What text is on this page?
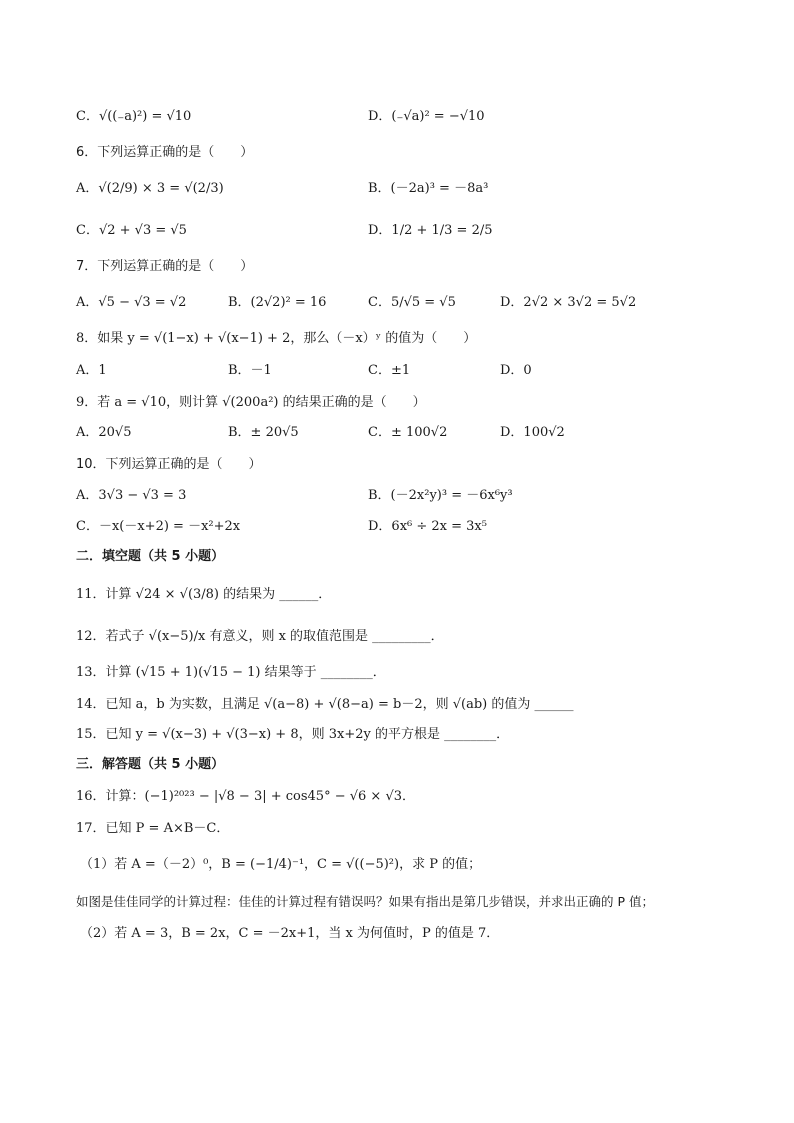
C．√((₋a)²) = √10	D．(₋√a)² = −√10
6．下列运算正确的是（　　）
A．√(2/9) × 3 = √(2/3)	B．(－2a)³ = －8a³
C．√2 + √3 = √5	D．1/2 + 1/3 = 2/5
7．下列运算正确的是（　　）
A．√5 − √3 = √2	B．(2√2)² = 16	C．5/√5 = √5	D．2√2 × 3√2 = 5√2
8．如果 y = √(1−x) + √(x−1) + 2，那么（－x）ʸ 的值为（　　）
A．1	B．－1	C．±1	D．0
9．若 a = √10，则计算 √(200a²) 的结果正确的是（　　）
A．20√5	B．± 20√5	C．± 100√2	D．100√2
10．下列运算正确的是（　　）
A．3√3 − √3 = 3	B．(－2x²y)³ = －6x⁶y³
C．－x(－x+2) = －x²+2x	D．6x⁶ ÷ 2x = 3x⁵
二．填空题（共 5 小题）
11．计算 √24 × √(3/8) 的结果为 ______．
12．若式子 √(x−5)/x 有意义，则 x 的取值范围是 _________．
13．计算 (√15 + 1)(√15 − 1) 结果等于 ________．
14．已知 a，b 为实数，且满足 √(a−8) + √(8−a) = b－2，则 √(ab) 的值为 ______
15．已知 y = √(x−3) + √(3−x) + 8，则 3x+2y 的平方根是 ________．
三．解答题（共 5 小题）
16．计算：(−1)²⁰²³ − |√8 − 3| + cos45° − √6 × √3．
17．已知 P = A×B－C．
（1）若 A =（－2）⁰，B = (−1/4)⁻¹，C = √((−5)²)，求 P 的值；
如图是佳佳同学的计算过程：佳佳的计算过程有错误吗？如果有指出是第几步错误，并求出正确的 P 值；
（2）若 A = 3，B = 2x，C = －2x+1，当 x 为何值时，P 的值是 7．
